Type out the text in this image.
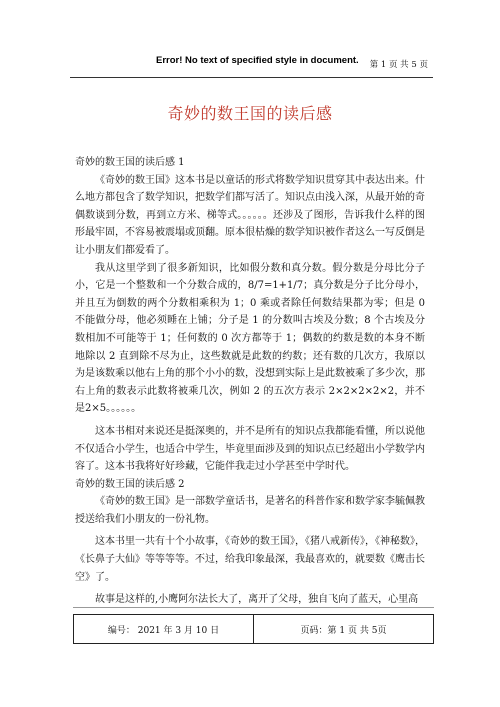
Error! No text of specified style in document. 第 1 页 共 5 页
奇妙的数王国的读后感

奇妙的数王国的读后感 1

《奇妙的数王国》这本书是以童话的形式将数学知识贯穿其中表达出来。什么地方都包含了数学知识，把数学们都写活了。知识点由浅入深，从最开始的奇偶数谈到分数，再到立方米、梯等式。。。。。。还涉及了图形，告诉我什么样的图形最牢固，不容易被震塌或顶翻。原本很枯燥的数学知识被作者这么一写反倒是让小朋友们都爱看了。

我从这里学到了很多新知识，比如假分数和真分数。假分数是分母比分子小，它是一个整数和一个分数合成的，8/7=1+1/7；真分数是分子比分母小，并且互为倒数的两个分数相乘积为 1；0 乘或者除任何数结果都为零；但是 0 不能做分母，他必须睡在上铺；分子是 1 的分数叫古埃及分数；8 个古埃及分数相加不可能等于 1；任何数的 0 次方都等于 1；偶数的约数是数的本身不断地除以 2 直到除不尽为止，这些数就是此数的约数；还有数的几次方，我原以为是该数乘以他右上角的那个小小的数，没想到实际上是此数被乘了多少次，那右上角的数表示此数将被乘几次，例如 2 的五次方表示 2×2×2×2×2，并不是2×5。。。。。。

这本书相对来说还是挺深奥的，并不是所有的知识点我都能看懂，所以说他不仅适合小学生，也适合中学生，毕竟里面涉及到的知识点已经超出小学数学内容了。这本书我将好好珍藏，它能伴我走过小学甚至中学时代。

奇妙的数王国的读后感 2

《奇妙的数王国》是一部数学童话书，是著名的科普作家和数学家李毓佩教授送给我们小朋友的一份礼物。

这本书里一共有十个小故事，《奇妙的数王国》，《猪八戒新传》，《神秘数》，《长鼻子大仙》等等等等。不过，给我印象最深，我最喜欢的，就要数《鹰击长空》了。

故事是这样的,小鹰阿尔法长大了，离开了父母，独自飞向了蓝天，心里高

编号： 2021 年 3 月 10 日	页码：第 1 页 共 5页
